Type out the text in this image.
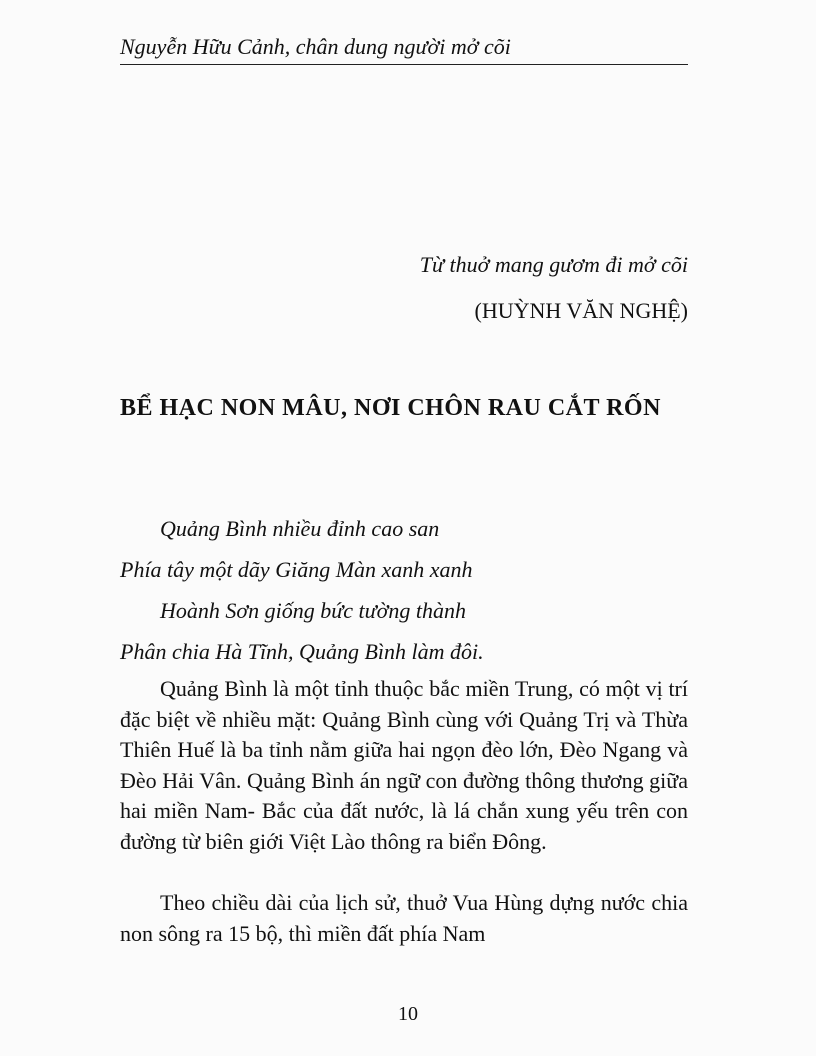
Nguyễn Hữu Cảnh, chân dung người mở cõi
Từ thuở mang gươm đi mở cõi
(HUỲNH VĂN NGHỆ)
BỂ HẠC NON MÂU, NƠI CHÔN RAU CẮT RỐN
Quảng Bình nhiều đỉnh cao san
Phía tây một dãy Giăng Màn xanh xanh
Hoành Sơn giống bức tường thành
Phân chia Hà Tĩnh, Quảng Bình làm đôi.

Quảng Bình là một tỉnh thuộc bắc miền Trung, có một vị trí đặc biệt về nhiều mặt: Quảng Bình cùng với Quảng Trị và Thừa Thiên Huế là ba tỉnh nằm giữa hai ngọn đèo lớn, Đèo Ngang và Đèo Hải Vân. Quảng Bình án ngữ con đường thông thương giữa hai miền Nam- Bắc của đất nước, là lá chắn xung yếu trên con đường từ biên giới Việt Lào thông ra biển Đông.

Theo chiều dài của lịch sử, thuở Vua Hùng dựng nước chia non sông ra 15 bộ, thì miền đất phía Nam

10
